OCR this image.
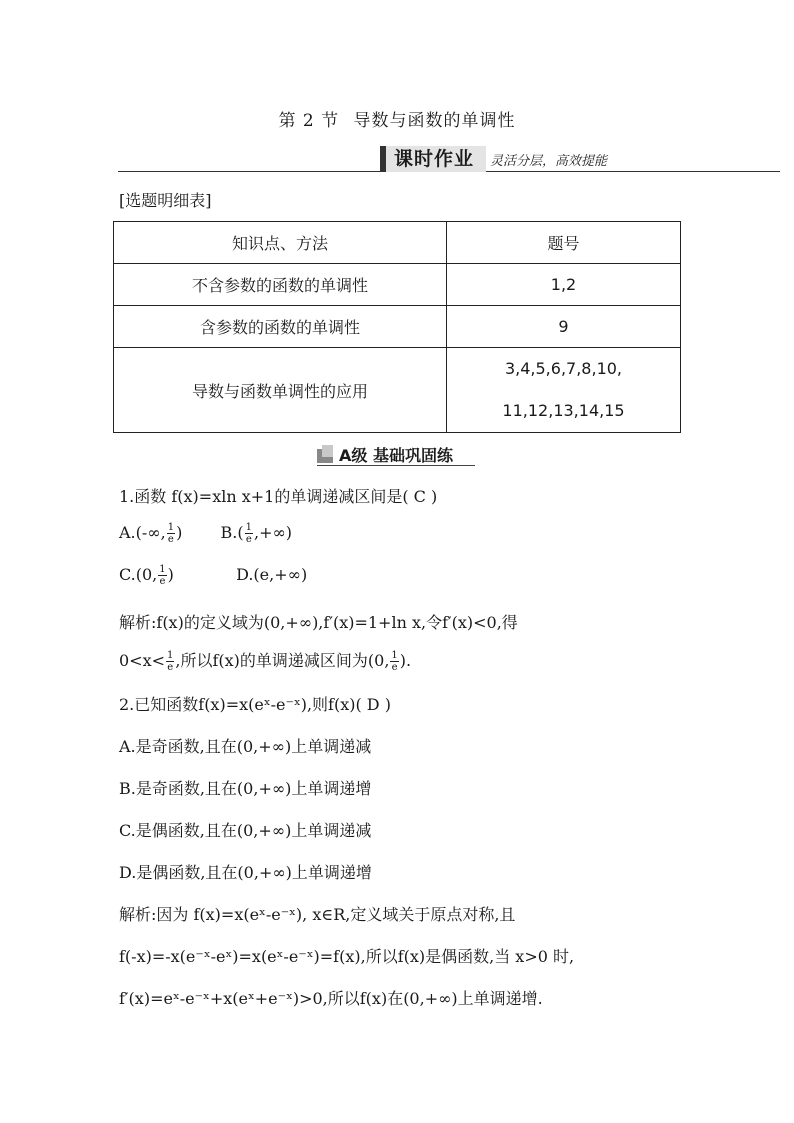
第 2 节 导数与函数的单调性
课时作业	灵活分层，高效提能
[选题明细表]
知识点、方法	题号
不含参数的函数的单调性	1,2
含参数的函数的单调性	9
导数与函数单调性的应用	3,4,5,6,7,8,10,
11,12,13,14,15
A级 基础巩固练
1.函数 f(x)=xln x+1的单调递减区间是( C )
A.(-∞, $\frac{1}{e}$ ) $B.( \frac{1}{e}$ ,+∞)
C.(0, $\frac{1}{e}$ )	D.(e,+∞)
解析:f(x)的定义域为(0,+∞),f′(x)=1+ln x,令f′(x)<0,得
$0<x< \frac{1}{e}$ ,所以f(x)的单调递减区间为(0, $\frac{1}{e}$ ).
2.已知函数f(x)=x(eˣ-e⁻ˣ),则f(x)( D )
A.是奇函数,且在(0,+∞)上单调递减
B.是奇函数,且在(0,+∞)上单调递增
C.是偶函数,且在(0,+∞)上单调递减
D.是偶函数,且在(0,+∞)上单调递增
解析:因为 f(x)=x(eˣ-e⁻ˣ), x∈R,定义域关于原点对称,且
f(-x)=-x(e⁻ˣ-eˣ)=x(eˣ-e⁻ˣ)=f(x),所以f(x)是偶函数,当 x>0 时,
f′(x)=eˣ-e⁻ˣ+x(eˣ+e⁻ˣ)>0,所以f(x)在(0,+∞)上单调递增.
